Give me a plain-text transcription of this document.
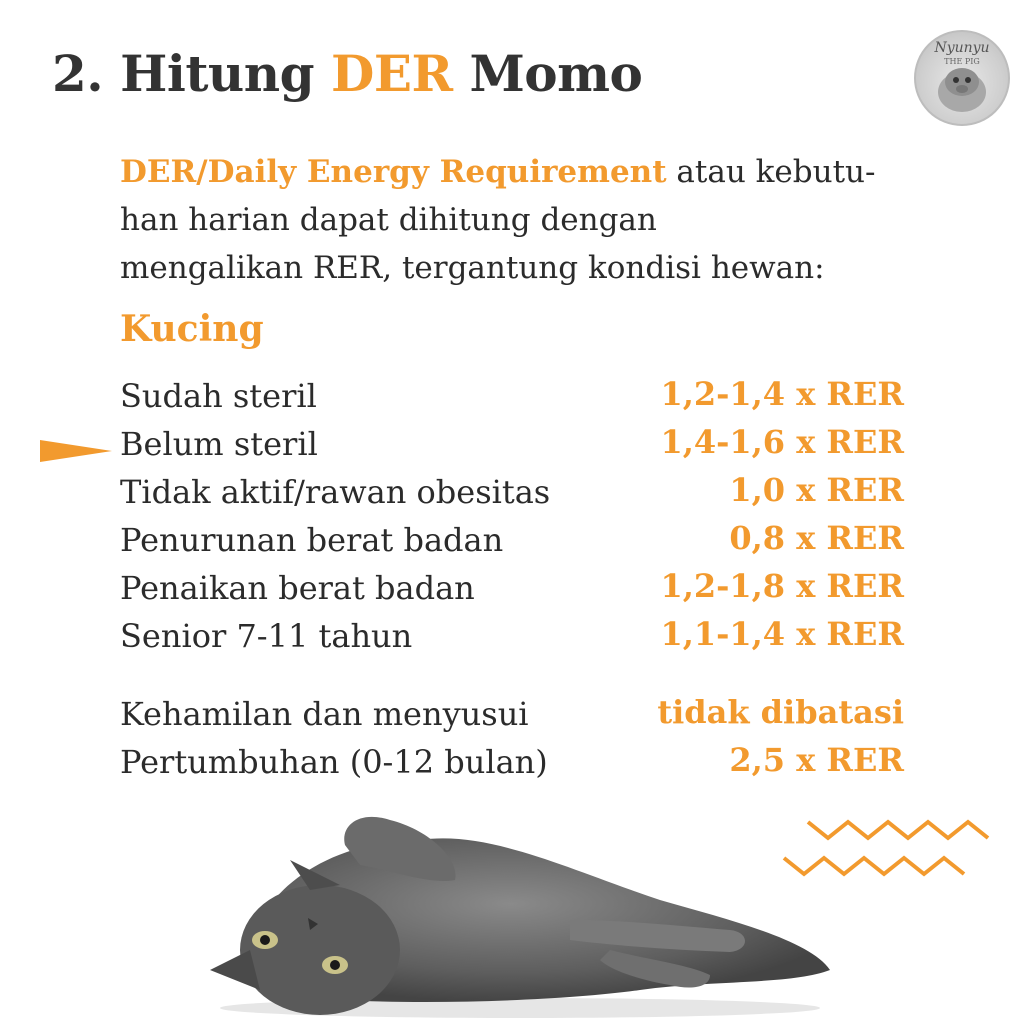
2. Hitung DER Momo	Nyunyu
THE PIG
DER/Daily Energy Requirement atau kebutu-
han harian dapat dihitung dengan
mengalikan RER, tergantung kondisi hewan:
Kucing
Sudah steril	1,2-1,4 x RER
Belum steril	1,4-1,6 x RER
Tidak aktif/rawan obesitas	1,0 x RER
Penurunan berat badan	0,8 x RER
Penaikan berat badan	1,2-1,8 x RER
Senior 7-11 tahun	1,1-1,4 x RER
Kehamilan dan menyusui	tidak dibatasi
Pertumbuhan (0-12 bulan)	2,5 x RER
